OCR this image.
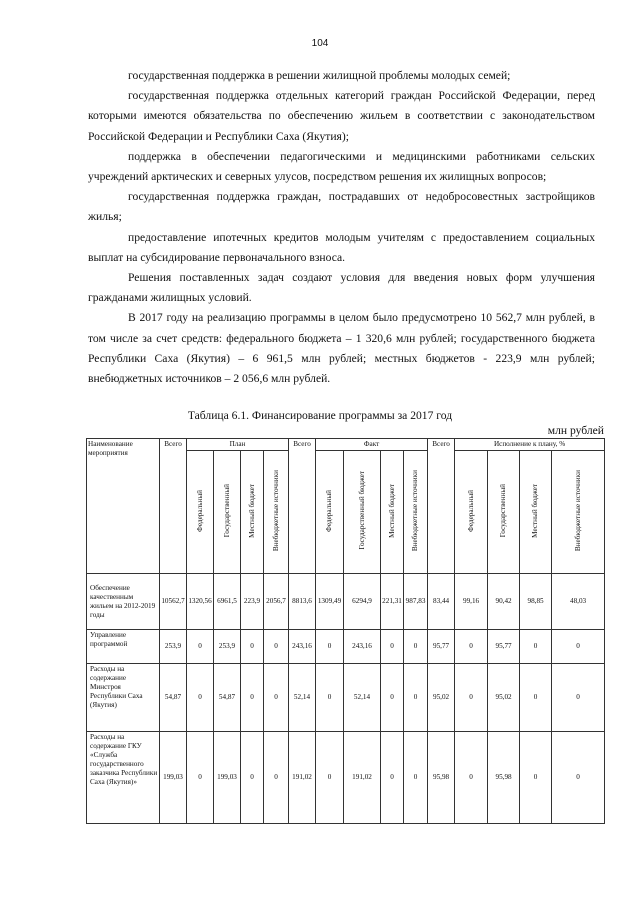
104

государственная поддержка в решении жилищной проблемы молодых семей;

государственная поддержка отдельных категорий граждан Российской Федерации, перед которыми имеются обязательства по обеспечению жильем в соответствии с законодательством Российской Федерации и Республики Саха (Якутия);

поддержка в обеспечении педагогическими и медицинскими работниками сельских учреждений арктических и северных улусов, посредством решения их жилищных вопросов;

государственная поддержка граждан, пострадавших от недобросовестных застройщиков жилья;

предоставление ипотечных кредитов молодым учителям с предоставлением социальных выплат на субсидирование первоначального взноса.

Решения поставленных задач создают условия для введения новых форм улучшения гражданами жилищных условий.

В 2017 году на реализацию программы в целом было предусмотрено 10 562,7 млн рублей, в том числе за счет средств: федерального бюджета – 1 320,6 млн рублей; государственного бюджета Республики Саха (Якутия) – 6 961,5 млн рублей; местных бюджетов - 223,9 млн рублей; внебюджетных источников – 2 056,6 млн рублей.

Таблица 6.1. Финансирование программы за 2017 год
млн рублей
Наименование мероприятия	Всего	План				Всего	Факт				Всего	Исполнение к плану, %			
		Федеральный	Государственный	Местный бюджет	Внебюджетные источники		Федеральный	Государственный бюджет	Местный бюджет	Внебюджетные источники		Федеральный	Государственный	Местный бюджет	Внебюджетные источники
Обеспечение качественным жильем на 2012-2019 годы	10562,7	1320,56	6961,5	223,9	2056,7	8813,6	1309,49	6294,9	221,31	987,83	83,44	99,16	90,42	98,85	48,03
Управление программой	253,9	0	253,9	0	0	243,16	0	243,16	0	0	95,77	0	95,77	0	0
Расходы на содержание Минстроя Республики Саха (Якутия)	54,87	0	54,87	0	0	52,14	0	52,14	0	0	95,02	0	95,02	0	0
Расходы на содержание ГКУ «Служба государственного заказчика Республики Саха (Якутия)»	199,03	0	199,03	0	0	191,02	0	191,02	0	0	95,98	0	95,98	0	0
